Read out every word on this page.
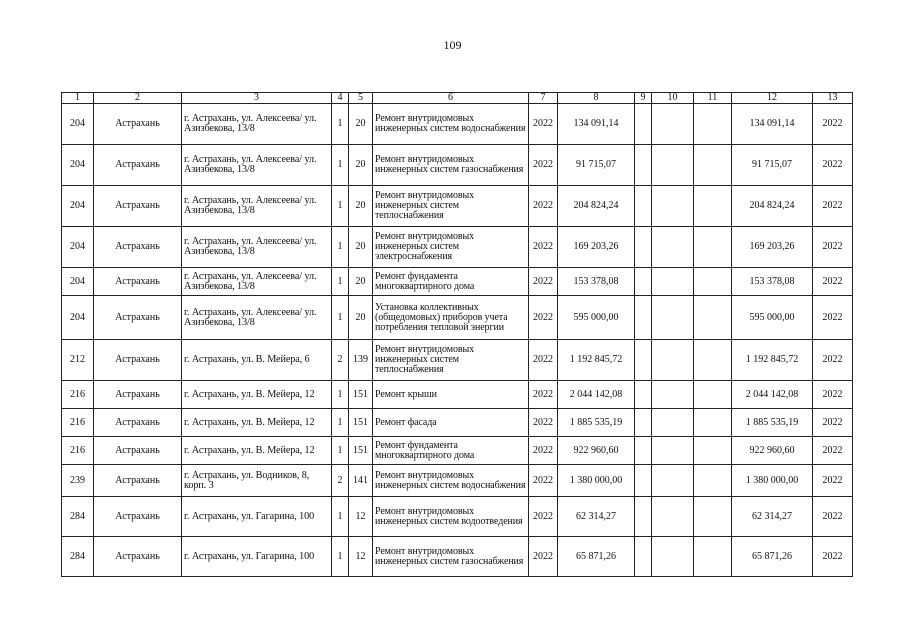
109
1	2	3	4	5	6	7	8	9	10	11	12	13
204	Астрахань	г. Астрахань, ул. Алексеева/ ул. Азизбекова, 13/8	1	20	Ремонт внутридомовых инженерных систем водоснабжения	2022	134 091,14				134 091,14	2022
204	Астрахань	г. Астрахань, ул. Алексеева/ ул. Азизбекова, 13/8	1	20	Ремонт внутридомовых инженерных систем газоснабжения	2022	91 715,07				91 715,07	2022
204	Астрахань	г. Астрахань, ул. Алексеева/ ул. Азизбекова, 13/8	1	20	Ремонт внутридомовых инженерных систем теплоснабжения	2022	204 824,24				204 824,24	2022
204	Астрахань	г. Астрахань, ул. Алексеева/ ул. Азизбекова, 13/8	1	20	Ремонт внутридомовых инженерных систем электроснабжения	2022	169 203,26				169 203,26	2022
204	Астрахань	г. Астрахань, ул. Алексеева/ ул. Азизбекова, 13/8	1	20	Ремонт фундамента многоквартирного дома	2022	153 378,08				153 378,08	2022
204	Астрахань	г. Астрахань, ул. Алексеева/ ул. Азизбекова, 13/8	1	20	Установка коллективных (общедомовых) приборов учета потребления тепловой энергии	2022	595 000,00				595 000,00	2022
212	Астрахань	г. Астрахань, ул. В. Мейера, 6	2	139	Ремонт внутридомовых инженерных систем теплоснабжения	2022	1 192 845,72				1 192 845,72	2022
216	Астрахань	г. Астрахань, ул. В. Мейера, 12	1	151	Ремонт крыши	2022	2 044 142,08				2 044 142,08	2022
216	Астрахань	г. Астрахань, ул. В. Мейера, 12	1	151	Ремонт фасада	2022	1 885 535,19				1 885 535,19	2022
216	Астрахань	г. Астрахань, ул. В. Мейера, 12	1	151	Ремонт фундамента многоквартирного дома	2022	922 960,60				922 960,60	2022
239	Астрахань	г. Астрахань, ул. Водников, 8, корп. 3	2	141	Ремонт внутридомовых инженерных систем водоснабжения	2022	1 380 000,00				1 380 000,00	2022
284	Астрахань	г. Астрахань, ул. Гагарина, 100	1	12	Ремонт внутридомовых инженерных систем водоотведения	2022	62 314,27				62 314,27	2022
284	Астрахань	г. Астрахань, ул. Гагарина, 100	1	12	Ремонт внутридомовых инженерных систем газоснабжения	2022	65 871,26				65 871,26	2022
